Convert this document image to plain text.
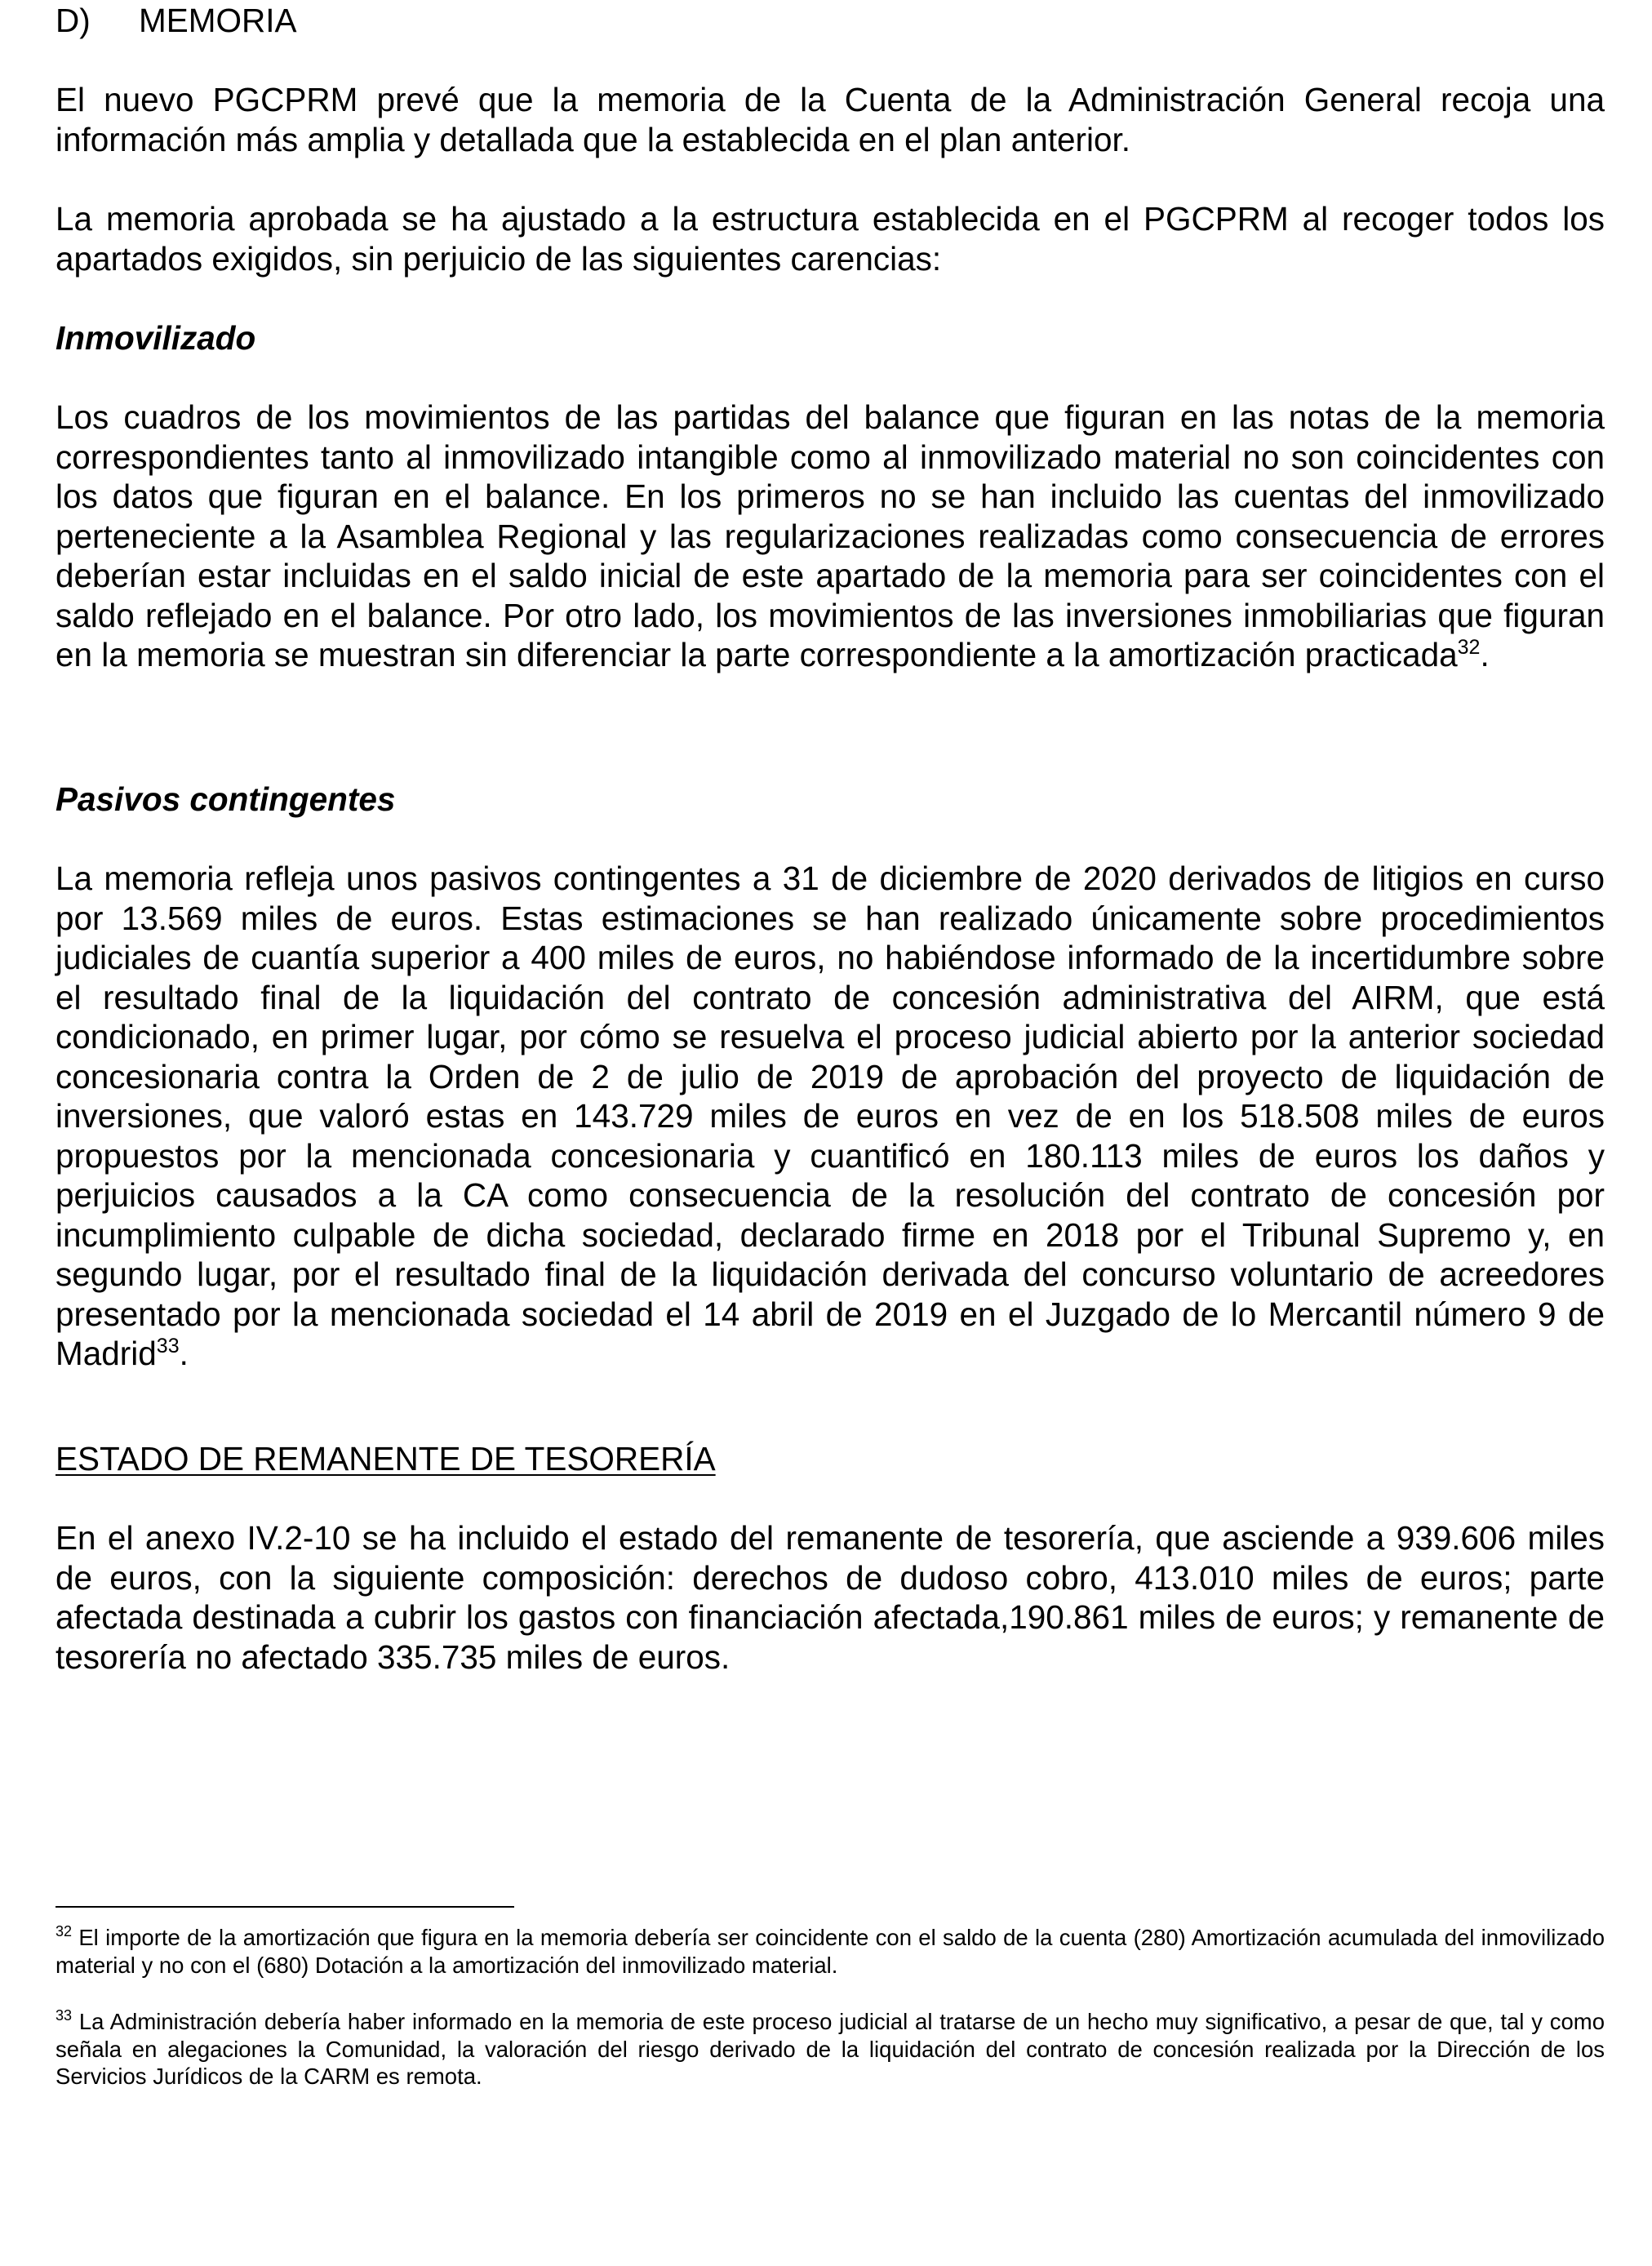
D)	MEMORIA

El nuevo PGCPRM prevé que la memoria de la Cuenta de la Administración General recoja una información más amplia y detallada que la establecida en el plan anterior.

La memoria aprobada se ha ajustado a la estructura establecida en el PGCPRM al recoger todos los apartados exigidos, sin perjuicio de las siguientes carencias:

Inmovilizado

Los cuadros de los movimientos de las partidas del balance que figuran en las notas de la memoria correspondientes tanto al inmovilizado intangible como al inmovilizado material no son coincidentes con los datos que figuran en el balance. En los primeros no se han incluido las cuentas del inmovilizado perteneciente a la Asamblea Regional y las regularizaciones realizadas como consecuencia de errores deberían estar incluidas en el saldo inicial de este apartado de la memoria para ser coincidentes con el saldo reflejado en el balance. Por otro lado, los movimientos de las inversiones inmobiliarias que figuran en la memoria se muestran sin diferenciar la parte correspondiente a la amortización practicada$^{32}$.

Pasivos contingentes

La memoria refleja unos pasivos contingentes a 31 de diciembre de 2020 derivados de litigios en curso por 13.569 miles de euros. Estas estimaciones se han realizado únicamente sobre procedimientos judiciales de cuantía superior a 400 miles de euros, no habiéndose informado de la incertidumbre sobre el resultado final de la liquidación del contrato de concesión administrativa del AIRM, que está condicionado, en primer lugar, por cómo se resuelva el proceso judicial abierto por la anterior sociedad concesionaria contra la Orden de 2 de julio de 2019 de aprobación del proyecto de liquidación de inversiones, que valoró estas en 143.729 miles de euros en vez de en los 518.508 miles de euros propuestos por la mencionada concesionaria y cuantificó en 180.113 miles de euros los daños y perjuicios causados a la CA como consecuencia de la resolución del contrato de concesión por incumplimiento culpable de dicha sociedad, declarado firme en 2018 por el Tribunal Supremo y, en segundo lugar, por el resultado final de la liquidación derivada del concurso voluntario de acreedores presentado por la mencionada sociedad el 14 abril de 2019 en el Juzgado de lo Mercantil número 9 de Madrid$^{33}$.

ESTADO DE REMANENTE DE TESORERÍA

En el anexo IV.2-10 se ha incluido el estado del remanente de tesorería, que asciende a 939.606 miles de euros, con la siguiente composición: derechos de dudoso cobro, 413.010 miles de euros; parte afectada destinada a cubrir los gastos con financiación afectada,190.861 miles de euros; y remanente de tesorería no afectado 335.735 miles de euros.

$^{32}$ El importe de la amortización que figura en la memoria debería ser coincidente con el saldo de la cuenta (280) Amortización acumulada del inmovilizado material y no con el (680) Dotación a la amortización del inmovilizado material.

$^{33}$ La Administración debería haber informado en la memoria de este proceso judicial al tratarse de un hecho muy significativo, a pesar de que, tal y como señala en alegaciones la Comunidad, la valoración del riesgo derivado de la liquidación del contrato de concesión realizada por la Dirección de los Servicios Jurídicos de la CARM es remota.
